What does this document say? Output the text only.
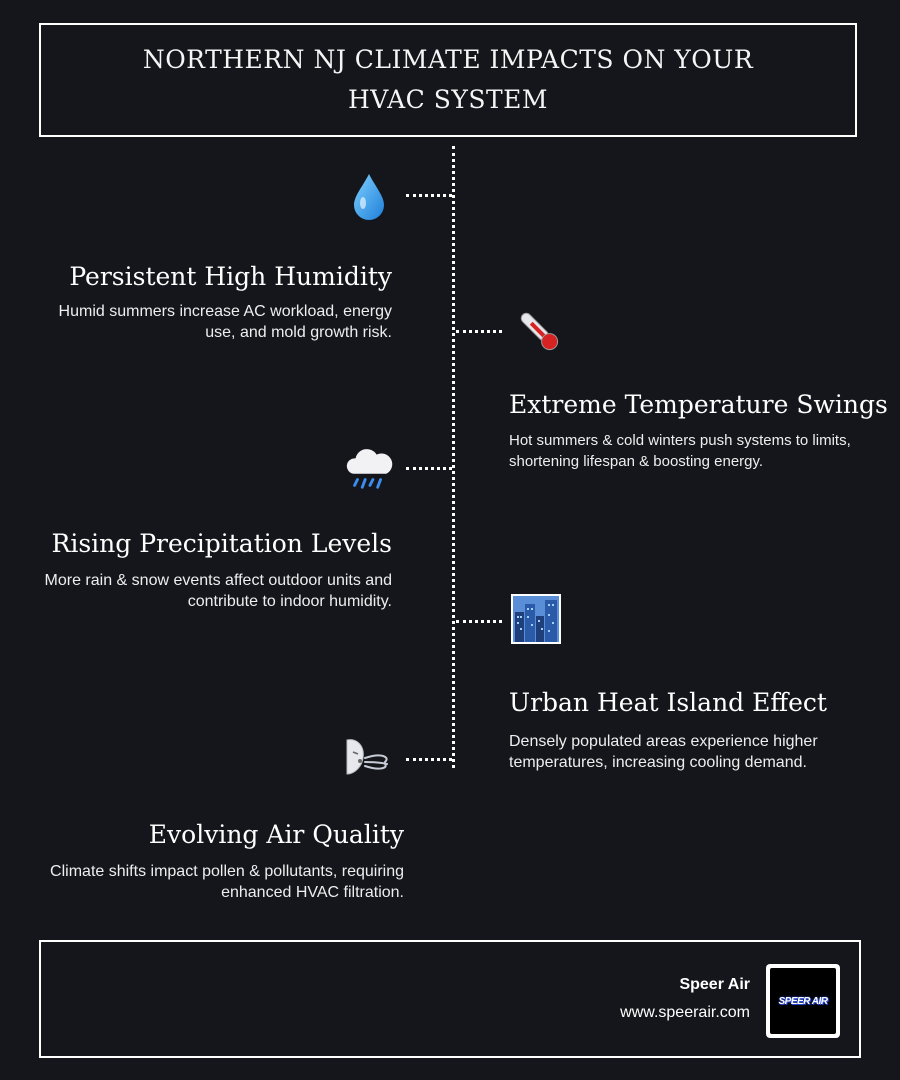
NORTHERN NJ CLIMATE IMPACTS ON YOUR HVAC SYSTEM
Persistent High Humidity
Humid summers increase AC workload, energy use, and mold growth risk.
Extreme Temperature Swings
Hot summers & cold winters push systems to limits, shortening lifespan & boosting energy.
Rising Precipitation Levels
More rain & snow events affect outdoor units and contribute to indoor humidity.
Urban Heat Island Effect
Densely populated areas experience higher temperatures, increasing cooling demand.
Evolving Air Quality
Climate shifts impact pollen & pollutants, requiring enhanced HVAC filtration.
Speer Air
www.speerair.com
SPEER AIR
